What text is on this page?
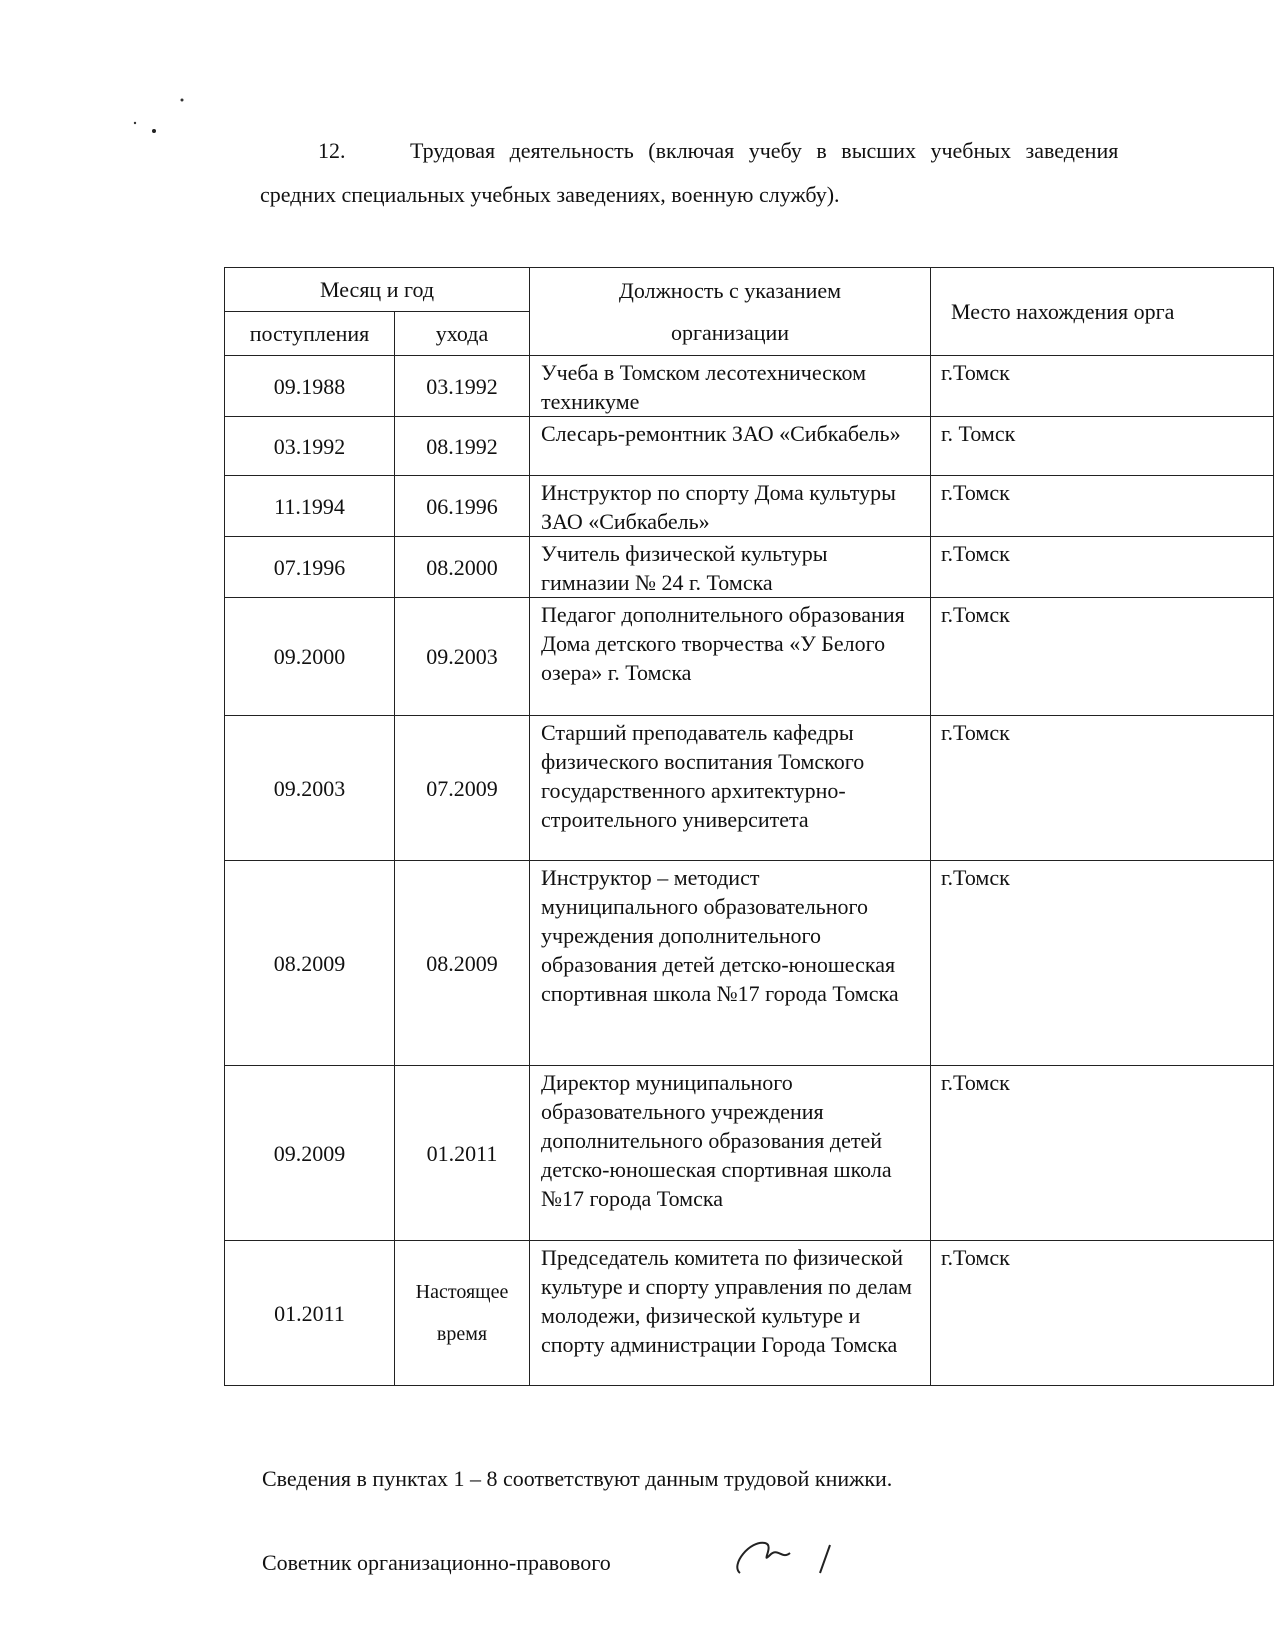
12.	Трудовая деятельность (включая учебу в высших учебных заведения
средних специальных учебных заведениях, военную службу).
Месяц и год		Должность с указанием организации	Место нахождения орга
поступления	ухода		
09.1988	03.1992	Учеба в Томском лесотехническом техникуме	г.Томск
03.1992	08.1992	Слесарь-ремонтник ЗАО «Сибкабель»	г. Томск
11.1994	06.1996	Инструктор по спорту Дома культуры ЗАО «Сибкабель»	г.Томск
07.1996	08.2000	Учитель физической культуры гимназии № 24 г. Томска	г.Томск
09.2000	09.2003	Педагог дополнительного образования Дома детского творчества «У Белого озера» г. Томска	г.Томск
09.2003	07.2009	Старший преподаватель кафедры физического воспитания Томского государственного архитектурно-строительного университета	г.Томск
08.2009	08.2009	Инструктор – методист муниципального образовательного учреждения дополнительного образования детей детско-юношеская спортивная школа №17 города Томска	г.Томск
09.2009	01.2011	Директор муниципального образовательного учреждения дополнительного образования детей детско-юношеская спортивная школа №17 города Томска	г.Томск
01.2011	Настоящее время	Председатель комитета по физической культуре и спорту управления по делам молодежи, физической культуре и спорту администрации Города Томска	г.Томск
Сведения в пунктах 1 – 8 соответствуют данным трудовой книжки.
Советник организационно-правового
